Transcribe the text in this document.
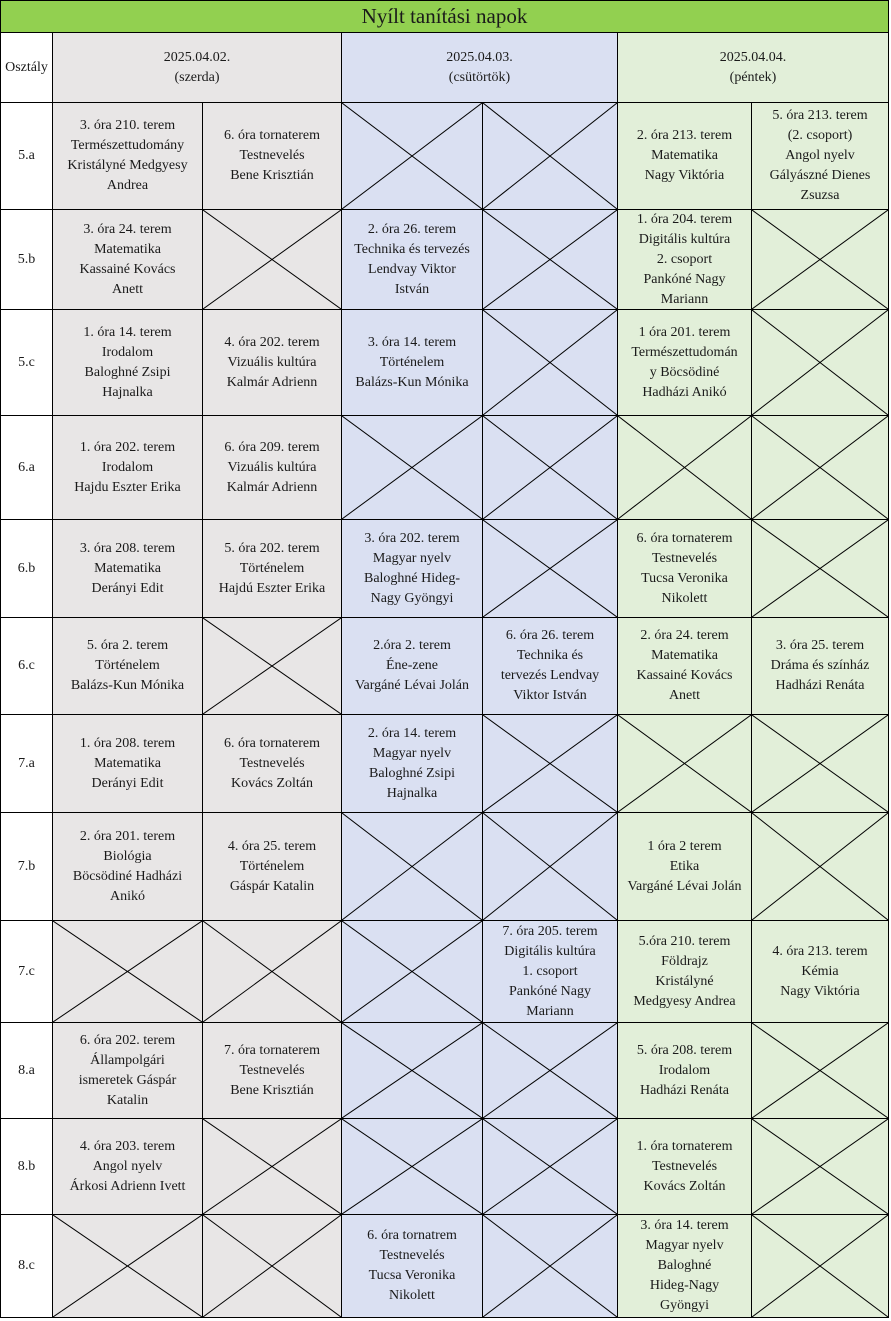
Nyílt tanítási napok
Osztály
2025.04.02.
(szerda)
2025.04.03.
(csütörtök)
2025.04.04.
(péntek)
5.a
3. óra 210. terem
Természettudomány
Kristályné Medgyesy
Andrea
6. óra tornaterem
Testnevelés
Bene Krisztián
2. óra 213. terem
Matematika
Nagy Viktória
5. óra 213. terem
(2. csoport)
Angol nyelv
Gályászné Dienes
Zsuzsa
5.b
3. óra 24. terem
Matematika
Kassainé Kovács
Anett
2. óra 26. terem
Technika és tervezés
Lendvay Viktor
István
1. óra 204. terem
Digitális kultúra
2. csoport
Pankóné Nagy
Mariann
5.c
1. óra 14. terem
Irodalom
Baloghné Zsipi
Hajnalka
4. óra 202. terem
Vizuális kultúra
Kalmár Adrienn
3. óra 14. terem
Történelem
Balázs-Kun Mónika
1 óra 201. terem
Természettudomán
y Böcsödiné
Hadházi Anikó
6.a
1. óra 202. terem
Irodalom
Hajdu Eszter Erika
6. óra 209. terem
Vizuális kultúra
Kalmár Adrienn
6.b
3. óra 208. terem
Matematika
Derányi Edit
5. óra 202. terem
Történelem
Hajdú Eszter Erika
3. óra 202. terem
Magyar nyelv
Baloghné Hideg-
Nagy Gyöngyi
6. óra tornaterem
Testnevelés
Tucsa Veronika
Nikolett
6.c
5. óra 2. terem
Történelem
Balázs-Kun Mónika
2.óra 2. terem
Éne-zene
Vargáné Lévai Jolán
6. óra 26. terem
Technika és
tervezés Lendvay
Viktor István
2. óra 24. terem
Matematika
Kassainé Kovács
Anett
3. óra 25. terem
Dráma és színház
Hadházi Renáta
7.a
1. óra 208. terem
Matematika
Derányi Edit
6. óra tornaterem
Testnevelés
Kovács Zoltán
2. óra 14. terem
Magyar nyelv
Baloghné Zsipi
Hajnalka
7.b
2. óra 201. terem
Biológia
Böcsödiné Hadházi
Anikó
4. óra 25. terem
Történelem
Gáspár Katalin
1 óra 2 terem
Etika
Vargáné Lévai Jolán
7.c
7. óra 205. terem
Digitális kultúra
1. csoport
Pankóné Nagy
Mariann
5.óra 210. terem
Földrajz
Kristályné
Medgyesy Andrea
4. óra 213. terem
Kémia
Nagy Viktória
8.a
6. óra 202. terem
Állampolgári
ismeretek Gáspár
Katalin
7. óra tornaterem
Testnevelés
Bene Krisztián
5. óra 208. terem
Irodalom
Hadházi Renáta
8.b
4. óra 203. terem
Angol nyelv
Árkosi Adrienn Ivett
1. óra tornaterem
Testnevelés
Kovács Zoltán
8.c
6. óra tornatrem
Testnevelés
Tucsa Veronika
Nikolett
3. óra 14. terem
Magyar nyelv
Baloghné
Hideg-Nagy
Gyöngyi
